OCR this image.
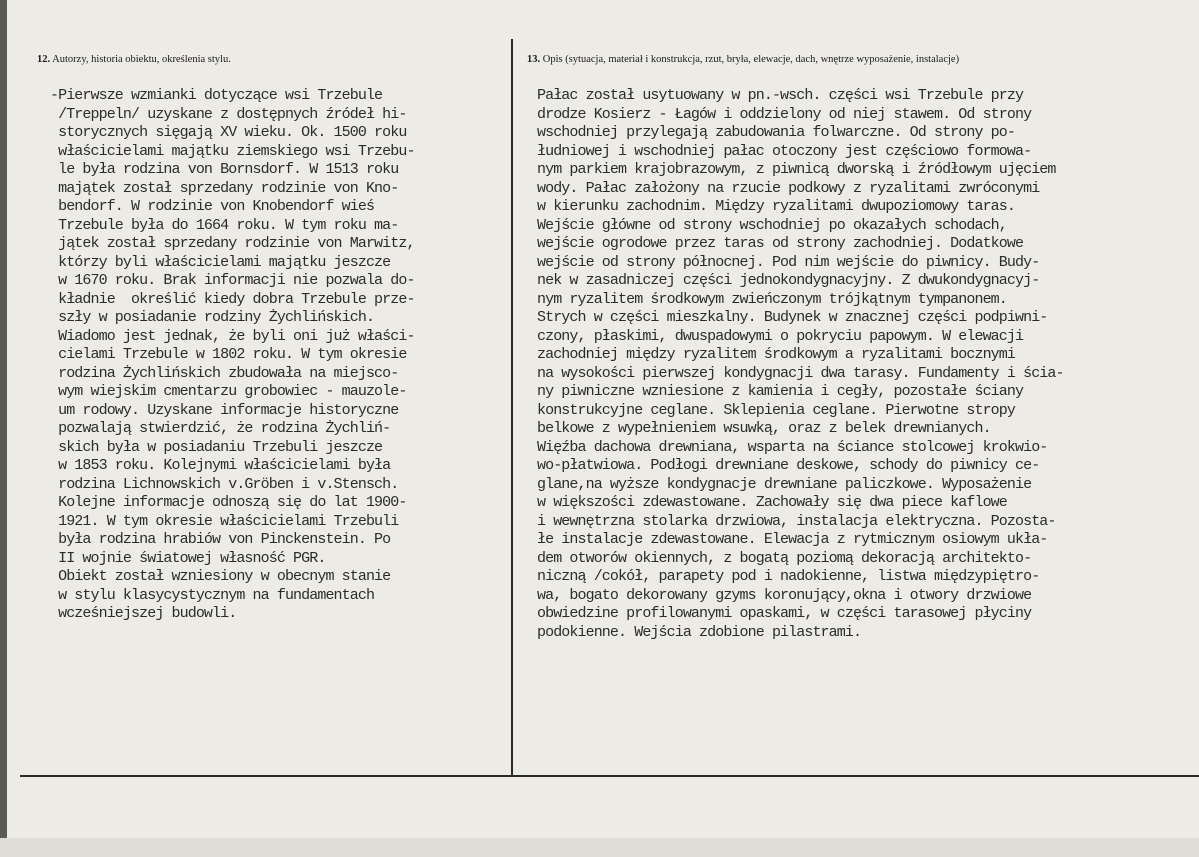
12. Autorzy, historia obiektu, określenia stylu.	13. Opis (sytuacja, materiał i konstrukcja, rzut, bryła, elewacje, dach, wnętrze wyposażenie, instalacje)
-Pierwsze wzmianki dotyczące wsi Trzebule
/Treppeln/ uzyskane z dostępnych źródeł hi-
storycznych sięgają XV wieku. Ok. 1500 roku
właścicielami majątku ziemskiego wsi Trzebu-
le była rodzina von Bornsdorf. W 1513 roku
majątek został sprzedany rodzinie von Kno-
bendorf. W rodzinie von Knobendorf wieś
Trzebule była do 1664 roku. W tym roku ma-
jątek został sprzedany rodzinie von Marwitz,
którzy byli właścicielami majątku jeszcze
w 1670 roku. Brak informacji nie pozwala do-
kładnie  określić kiedy dobra Trzebule prze-
szły w posiadanie rodziny Żychlińskich.
Wiadomo jest jednak, że byli oni już właści-
cielami Trzebule w 1802 roku. W tym okresie
rodzina Żychlińskich zbudowała na miejsco-
wym wiejskim cmentarzu grobowiec - mauzole-
um rodowy. Uzyskane informacje historyczne
pozwalają stwierdzić, że rodzina Żychliń-
skich była w posiadaniu Trzebuli jeszcze
w 1853 roku. Kolejnymi właścicielami była
rodzina Lichnowskich v.Gröben i v.Stensch.
Kolejne informacje odnoszą się do lat 1900-
1921. W tym okresie właścicielami Trzebuli
była rodzina hrabiów von Pinckenstein. Po
II wojnie światowej własność PGR.
Obiekt został wzniesiony w obecnym stanie
w stylu klasycystycznym na fundamentach
wcześniejszej budowli.
Pałac został usytuowany w pn.-wsch. części wsi Trzebule przy
drodze Kosierz - Łagów i oddzielony od niej stawem. Od strony
wschodniej przylegają zabudowania folwarczne. Od strony po-
łudniowej i wschodniej pałac otoczony jest częściowo formowa-
nym parkiem krajobrazowym, z piwnicą dworską i źródłowym ujęciem
wody. Pałac założony na rzucie podkowy z ryzalitami zwróconymi
w kierunku zachodnim. Między ryzalitami dwupoziomowy taras.
Wejście główne od strony wschodniej po okazałych schodach,
wejście ogrodowe przez taras od strony zachodniej. Dodatkowe
wejście od strony północnej. Pod nim wejście do piwnicy. Budy-
nek w zasadniczej części jednokondygnacyjny. Z dwukondygnacyj-
nym ryzalitem środkowym zwieńczonym trójkątnym tympanonem.
Strych w części mieszkalny. Budynek w znacznej części podpiwni-
czony, płaskimi, dwuspadowymi o pokryciu papowym. W elewacji
zachodniej między ryzalitem środkowym a ryzalitami bocznymi
na wysokości pierwszej kondygnacji dwa tarasy. Fundamenty i ścia-
ny piwniczne wzniesione z kamienia i cegły, pozostałe ściany
konstrukcyjne ceglane. Sklepienia ceglane. Pierwotne stropy
belkowe z wypełnieniem wsuwką, oraz z belek drewnianych.
Więźba dachowa drewniana, wsparta na ściance stolcowej krokwio-
wo-płatwiowa. Podłogi drewniane deskowe, schody do piwnicy ce-
glane,na wyższe kondygnacje drewniane paliczkowe. Wyposażenie
w większości zdewastowane. Zachowały się dwa piece kaflowe
i wewnętrzna stolarka drzwiowa, instalacja elektryczna. Pozosta-
łe instalacje zdewastowane. Elewacja z rytmicznym osiowym ukła-
dem otworów okiennych, z bogatą poziomą dekoracją architekto-
niczną /cokół, parapety pod i nadokienne, listwa międzypiętro-
wa, bogato dekorowany gzyms koronujący,okna i otwory drzwiowe
obwiedzine profilowanymi opaskami, w części tarasowej płyciny
podokienne. Wejścia zdobione pilastrami.
